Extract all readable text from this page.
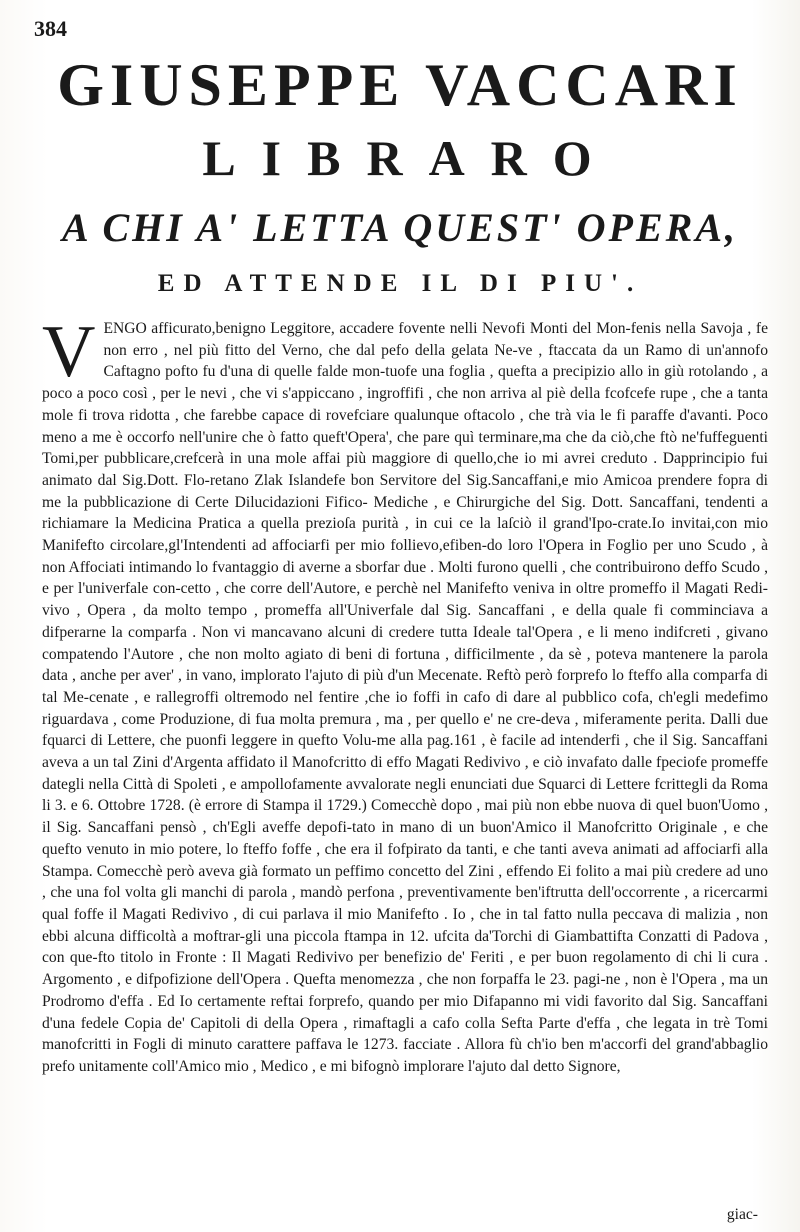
384
GIUSEPPE VACCARI
LIBRARO
A CHI A' LETTA QUEST' OPERA,
ED ATTENDE IL DI PIU'.

VENGO afficurato,benigno Leggitore, accadere fovente nelli Nevofi Monti del Mon-fenis nella Savoja , fe non erro , nel più fitto del Verno, che dal pefo della gelata Ne-ve , ftaccata da un Ramo di un'annofo Caftagno pofto fu d'una di quelle falde mon-tuofe una foglia , quefta a precipizio allo in giù rotolando , a poco a poco così , per le nevi , che vi s'appiccano , ingroffifi , che non arriva al piè della fcofcefe rupe , che a tanta mole fi trova ridotta , che farebbe capace di rovefciare qualunque oftacolo , che trà via le fi paraffe d'avanti. Poco meno a me è occorfo nell'unire che ò fatto queft'Opera', che pare quì terminare,ma che da ciò,che ftò ne'fuffeguenti Tomi,per pubblicare,crefcerà in una mole affai più maggiore di quello,che io mi avrei creduto . Dapprincipio fui animato dal Sig.Dott. Flo-retano Zlak Islandefe bon Servitore del Sig.Sancaffani,e mio Amicoa prendere fopra di me la pubblicazione di Certe Dilucidazioni Fifico- Mediche , e Chirurgiche del Sig. Dott. Sancaffani, tendenti a richiamare la Medicina Pratica a quella prezioſa purità , in cui ce la laſciò il grand'Ipo-crate.Io invitai,con mio Manifefto circolare,gl'Intendenti ad affociarfi per mio follievo,efiben-do loro l'Opera in Foglio per uno Scudo , à non Affociati intimando lo fvantaggio di averne a sborfar due . Molti furono quelli , che contribuirono deffo Scudo , e per l'univerfale con-cetto , che corre dell'Autore, e perchè nel Manifefto veniva in oltre promeffo il Magati Redi-vivo , Opera , da molto tempo , promeffa all'Univerfale dal Sig. Sancaffani , e della quale fi comminciava a difperarne la comparfa . Non vi mancavano alcuni di credere tutta Ideale tal'Opera , e li meno indifcreti , givano compatendo l'Autore , che non molto agiato di beni di fortuna , difficilmente , da sè , poteva mantenere la parola data , anche per aver' , in vano, implorato l'ajuto di più d'un Mecenate. Reftò però forprefo lo fteffo alla comparfa di tal Me-cenate , e rallegroffi oltremodo nel fentire ,che io foffi in cafo di dare al pubblico cofa, ch'egli medefimo riguardava , come Produzione, di fua molta premura , ma , per quello e' ne cre-deva , miferamente perita. Dalli due fquarci di Lettere, che puonfi leggere in quefto Volu-me alla pag.161 , è facile ad intenderfi , che il Sig. Sancaffani aveva a un tal Zini d'Argenta affidato il Manofcritto di effo Magati Redivivo , e ciò invafato dalle fpeciofe promeffe dategli nella Città di Spoleti , e ampollofamente avvalorate negli enunciati due Squarci di Lettere fcrittegli da Roma li 3. e 6. Ottobre 1728. (è errore di Stampa il 1729.) Comecchè dopo , mai più non ebbe nuova di quel buon'Uomo , il Sig. Sancaffani pensò , ch'Egli aveffe depofi-tato in mano di un buon'Amico il Manofcritto Originale , e che quefto venuto in mio potere, lo fteffo foffe , che era il fofpirato da tanti, e che tanti aveva animati ad affociarfi alla Stampa. Comecchè però aveva già formato un peffimo concetto del Zini , effendo Ei folito a mai più credere ad uno , che una fol volta gli manchi di parola , mandò perfona , preventivamente ben'iftrutta dell'occorrente , a ricercarmi qual foffe il Magati Redivivo , di cui parlava il mio Manifefto . Io , che in tal fatto nulla peccava di malizia , non ebbi alcuna difficoltà a moftrar-gli una piccola ftampa in 12. ufcita da'Torchi di Giambattifta Conzatti di Padova , con que-fto titolo in Fronte : Il Magati Redivivo per benefizio de' Feriti , e per buon regolamento di chi li cura . Argomento , e difpofizione dell'Opera . Quefta menomezza , che non forpaffa le 23. pagi-ne , non è l'Opera , ma un Prodromo d'effa . Ed Io certamente reftai forprefo, quando per mio Difapanno mi vidi favorito dal Sig. Sancaffani d'una fedele Copia de' Capitoli di della Opera , rimaftagli a cafo colla Sefta Parte d'effa , che legata in trè Tomi manofcritti in Fogli di minuto carattere paffava le 1273. facciate . Allora fù ch'io ben m'accorfi del grand'abbaglio prefo unitamente coll'Amico mio , Medico , e mi bifognò implorare l'ajuto dal detto Signore,

giac-
